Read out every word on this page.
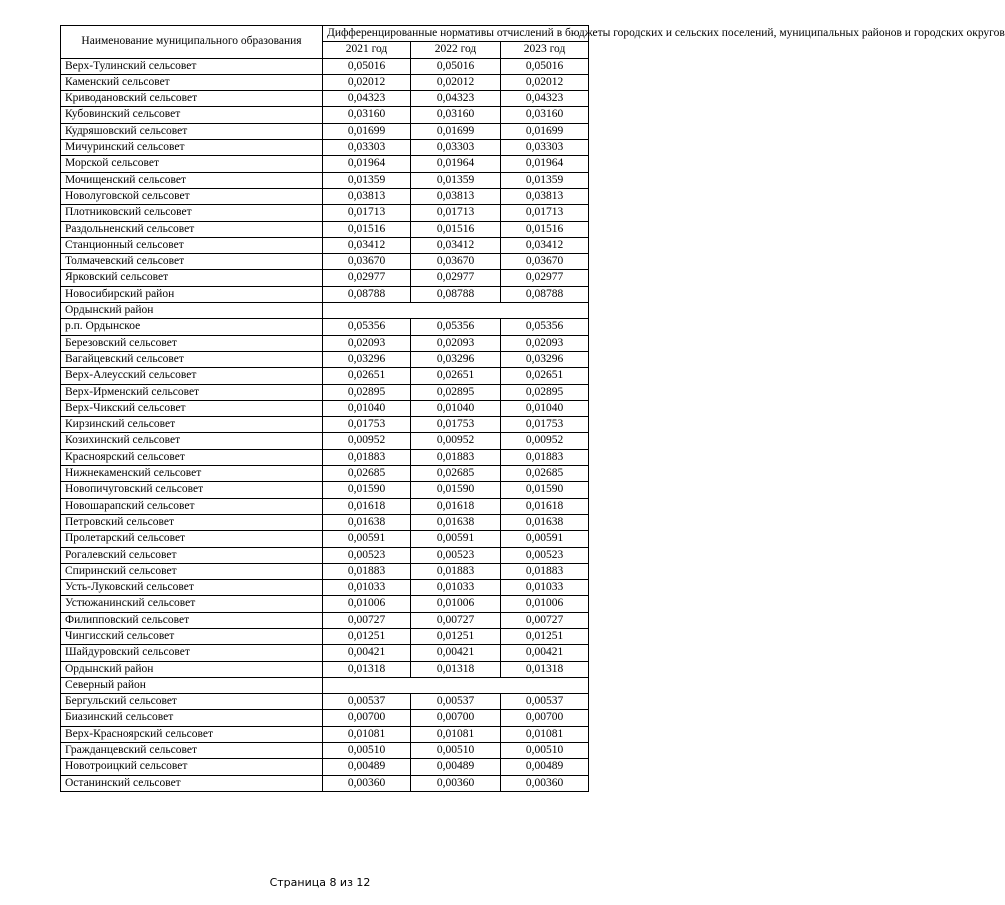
Наименование муниципального образования	Дифференцированные нормативы отчислений в бюджеты городских и сельских поселений, муниципальных районов и городских округов		
	2021 год	2022 год	2023 год
Верх-Тулинский сельсовет	0,05016	0,05016	0,05016
Каменский сельсовет	0,02012	0,02012	0,02012
Криводановский сельсовет	0,04323	0,04323	0,04323
Кубовинский сельсовет	0,03160	0,03160	0,03160
Кудряшовский сельсовет	0,01699	0,01699	0,01699
Мичуринский сельсовет	0,03303	0,03303	0,03303
Морской сельсовет	0,01964	0,01964	0,01964
Мочищенский сельсовет	0,01359	0,01359	0,01359
Новолуговской сельсовет	0,03813	0,03813	0,03813
Плотниковский сельсовет	0,01713	0,01713	0,01713
Раздольненский сельсовет	0,01516	0,01516	0,01516
Станционный сельсовет	0,03412	0,03412	0,03412
Толмачевский сельсовет	0,03670	0,03670	0,03670
Ярковский сельсовет	0,02977	0,02977	0,02977
Новосибирский район	0,08788	0,08788	0,08788
Ордынский район			
р.п. Ордынское	0,05356	0,05356	0,05356
Березовский сельсовет	0,02093	0,02093	0,02093
Вагайцевский сельсовет	0,03296	0,03296	0,03296
Верх-Алеусский сельсовет	0,02651	0,02651	0,02651
Верх-Ирменский сельсовет	0,02895	0,02895	0,02895
Верх-Чикский сельсовет	0,01040	0,01040	0,01040
Кирзинский сельсовет	0,01753	0,01753	0,01753
Козихинский сельсовет	0,00952	0,00952	0,00952
Красноярский сельсовет	0,01883	0,01883	0,01883
Нижнекаменский сельсовет	0,02685	0,02685	0,02685
Новопичуговский сельсовет	0,01590	0,01590	0,01590
Новошарапский сельсовет	0,01618	0,01618	0,01618
Петровский сельсовет	0,01638	0,01638	0,01638
Пролетарский сельсовет	0,00591	0,00591	0,00591
Рогалевский сельсовет	0,00523	0,00523	0,00523
Спиринский сельсовет	0,01883	0,01883	0,01883
Усть-Луковский сельсовет	0,01033	0,01033	0,01033
Устюжанинский сельсовет	0,01006	0,01006	0,01006
Филипповский сельсовет	0,00727	0,00727	0,00727
Чингисский сельсовет	0,01251	0,01251	0,01251
Шайдуровский сельсовет	0,00421	0,00421	0,00421
Ордынский район	0,01318	0,01318	0,01318
Северный район			
Бергульский сельсовет	0,00537	0,00537	0,00537
Биазинский сельсовет	0,00700	0,00700	0,00700
Верх-Красноярский сельсовет	0,01081	0,01081	0,01081
Гражданцевский сельсовет	0,00510	0,00510	0,00510
Новотроицкий сельсовет	0,00489	0,00489	0,00489
Останинский сельсовет	0,00360	0,00360	0,00360
Страница 8 из 12
